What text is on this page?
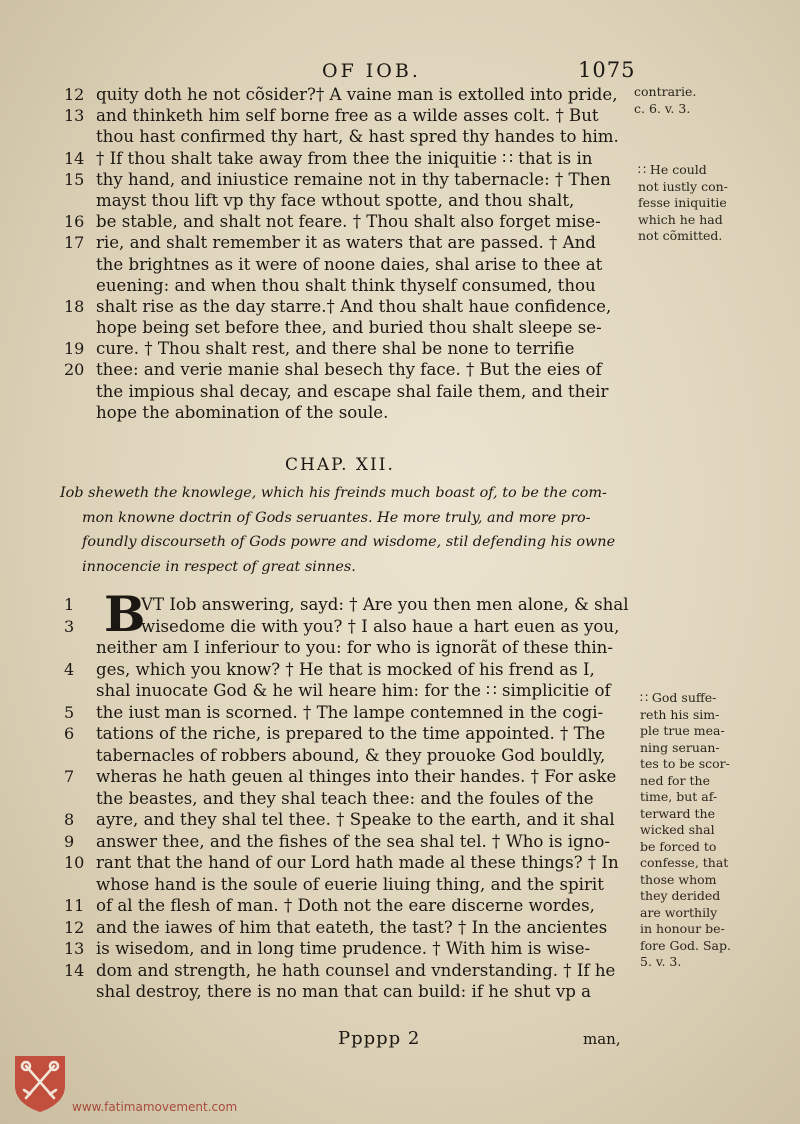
OF IOB.	1075
12 quity doth he not cõsider?† A vaine man is extolled into pride,
13 and thinketh him self borne free as a wilde asses colt. † But
thou hast confirmed thy hart, & hast spred thy handes to him.
14 † If thou shalt take away from thee the iniquitie ∷ that is in
15 thy hand, and iniustice remaine not in thy tabernacle: † Then
mayst thou lift vp thy face wthout spotte, and thou shalt,
16 be stable, and shalt not feare. † Thou shalt also forget mise-
17 rie, and shalt remember it as waters that are passed. † And
the brightnes as it were of noone daies, shal arise to thee at
euening: and when thou shalt think thyself consumed, thou
18 shalt rise as the day starre.† And thou shalt haue confidence,
hope being set before thee, and buried thou shalt sleepe se-
19 cure. † Thou shalt rest, and there shal be none to terrifie
20 thee: and verie manie shal besech thy face. † But the eies of
the impious shal decay, and escape shal faile them, and their
hope the abomination of the soule.
CHAP. XII.
Iob sheweth the knowlege, which his freinds much boast of, to be the com-
mon knowne doctrin of Gods seruantes. He more truly, and more pro-
foundly discourseth of Gods powre and wisdome, stil defending his owne
innocencie in respect of great sinnes.
1 B
VT Iob answering, sayd: † Are you then men alone, & shal
3	wisedome die with you? † I also haue a hart euen as you,
neither am I inferiour to you: for who is ignorãt of these thin-
4	ges, which you know? † He that is mocked of his frend as I,
shal inuocate God & he wil heare him: for the ∷ simplicitie of
5	the iust man is scorned. † The lampe contemned in the cogi-
6	tations of the riche, is prepared to the time appointed. † The
tabernacles of robbers abound, & they prouoke God bouldly,
7	wheras he hath geuen al thinges into their handes. † For aske
the beastes, and they shal teach thee: and the foules of the
8	ayre, and they shal tel thee. † Speake to the earth, and it shal
9	answer thee, and the fishes of the sea shal tel. † Who is igno-
10 rant that the hand of our Lord hath made al these things? † In
whose hand is the soule of euerie liuing thing, and the spirit
11 of al the flesh of man. † Doth not the eare discerne wordes,
12 and the iawes of him that eateth, the tast? † In the ancientes
13 is wisedom, and in long time prudence. † With him is wise-
14 dom and strength, he hath counsel and vnderstanding. † If he
shal destroy, there is no man that can build: if he shut vp a
Ppppp 2	man,
contrarie.
c. 6. v. 3.
∷ He could
not iustly con-
fesse iniquitie
which he had
not cõmitted.
∷ God suffe-
reth his sim-
ple true mea-
ning seruan-
tes to be scor-
ned for the
time, but af-
terward the
wicked shal
be forced to
confesse, that
those whom
they derided
are worthily
in honour be-
fore God. Sap.
5. v. 3.
www.fatimamovement.com
